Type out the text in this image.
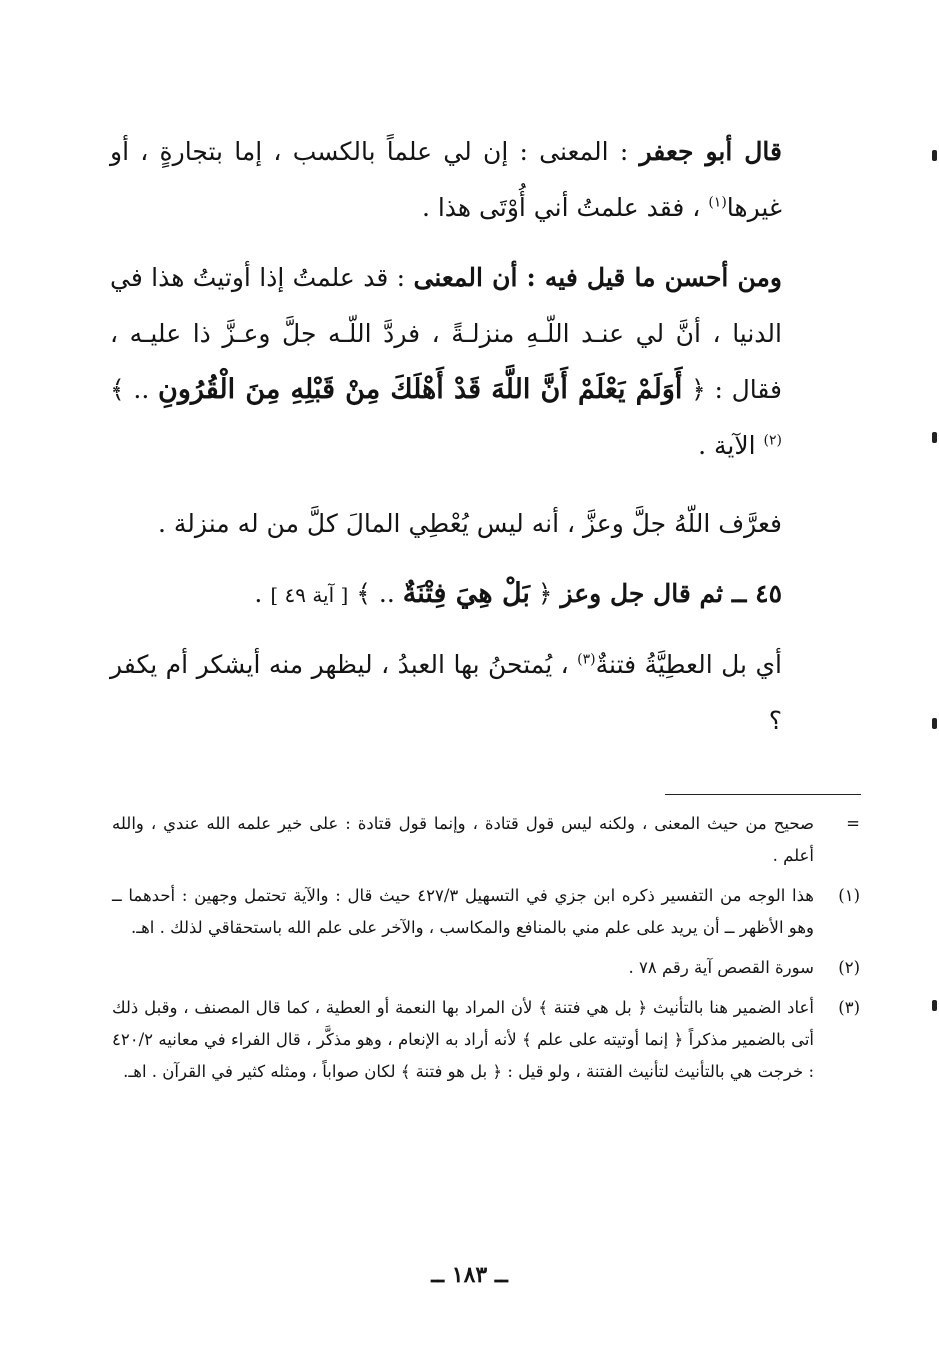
قال أبو جعفر : المعنى : إن لي علماً بالكسب ، إما بتجارةٍ ، أو غيرها$^{(١)}$ ، فقد علمتُ أني أُوْتَى هذا .

ومن أحسن ما قيل فيه : أن المعنى : قد علمتُ إذا أوتيتُ هذا في الدنيا ، أنَّ لي عنـد اللّـهِ منزلـةً ، فردَّ اللّـه جلَّ وعـزَّ ذا عليـه ، فقال : ﴿ أَوَلَمْ يَعْلَمْ أَنَّ اللَّهَ قَدْ أَهْلَكَ مِنْ قَبْلِهِ مِنَ الْقُرُونِ .. ﴾$^{(٢)}$ الآية .

فعرَّف اللّهُ جلَّ وعزَّ ، أنه ليس يُعْطِي المالَ كلَّ من له منزلة .

٤٥ ــ ثم قال جل وعز ﴿ بَلْ هِيَ فِتْنَةٌ .. ﴾ [ آية ٤٩ ] .

أي بل العطِيَّةُ فتنةٌ$^{(٣)}$ ، يُمتحنُ بها العبدُ ، ليظهر منه أيشكر أم يكفر ؟

=
صحيح من حيث المعنى ، ولكنه ليس قول قتادة ، وإنما قول قتادة : على خير علمه الله عندي ، والله أعلم .
(١)
هذا الوجه من التفسير ذكره ابن جزي في التسهيل ٤٢٧/٣ حيث قال : والآية تحتمل وجهين : أحدهما ــ وهو الأظهر ــ أن يريد على علم مني بالمنافع والمكاسب ، والآخر على علم الله باستحقاقي لذلك . اهـ.
(٢)
سورة القصص آية رقم ٧٨ .
(٣)
أعاد الضمير هنا بالتأنيث ﴿ بل هي فتنة ﴾ لأن المراد بها النعمة أو العطية ، كما قال المصنف ، وقبل ذلك أتى بالضمير مذكراً ﴿ إنما أوتيته على علم ﴾ لأنه أراد به الإنعام ، وهو مذكَّر ، قال الفراء في معانيه ٤٢٠/٢ : خرجت هي بالتأنيث لتأنيث الفتنة ، ولو قيل : ﴿ بل هو فتنة ﴾ لكان صواباً ، ومثله كثير في القرآن . اهـ.
ــ ١٨٣ ــ
